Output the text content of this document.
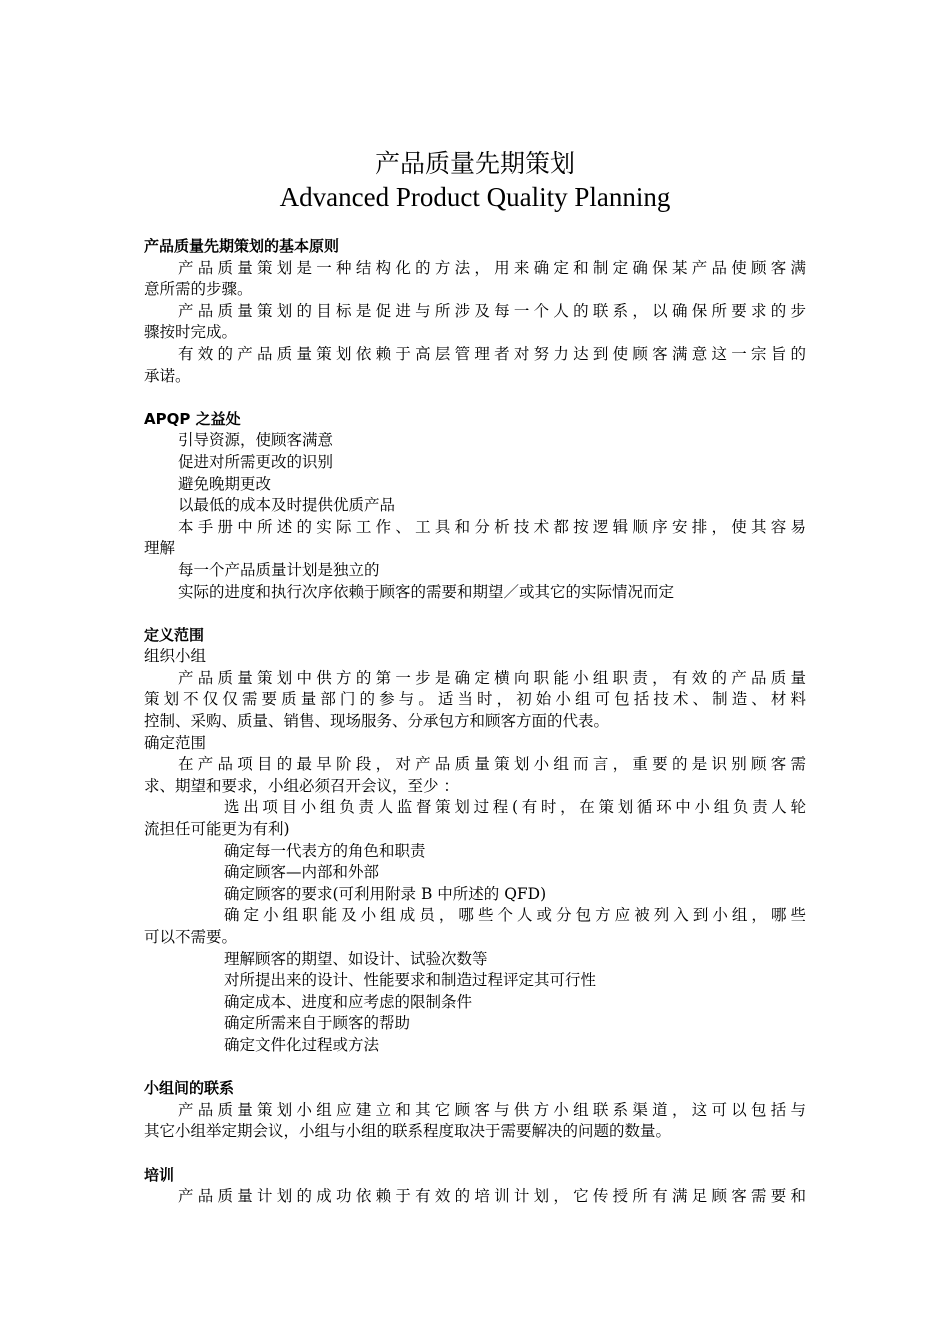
产品质量先期策划
Advanced Product Quality Planning
产品质量先期策划的基本原则
产品质量策划是一种结构化的方法，用来确定和制定确保某产品使顾客满
意所需的步骤。
产品质量策划的目标是促进与所涉及每一个人的联系，以确保所要求的步
骤按时完成。
有效的产品质量策划依赖于高层管理者对努力达到使顾客满意这一宗旨的
承诺。
APQP 之益处
引导资源，使顾客满意
促进对所需更改的识别
避免晚期更改
以最低的成本及时提供优质产品
本手册中所述的实际工作、工具和分析技术都按逻辑顺序安排，使其容易
理解
每一个产品质量计划是独立的
实际的进度和执行次序依赖于顾客的需要和期望／或其它的实际情况而定
定义范围
组织小组
产品质量策划中供方的第一步是确定横向职能小组职责，有效的产品质量
策划不仅仅需要质量部门的参与。适当时，初始小组可包括技术、制造、材料
控制、采购、质量、销售、现场服务、分承包方和顾客方面的代表。
确定范围
在产品项目的最早阶段，对产品质量策划小组而言，重要的是识别顾客需
求、期望和要求，小组必须召开会议，至少 ：
选出项目小组负责人监督策划过程(有时，在策划循环中小组负责人轮
流担任可能更为有利)
确定每一代表方的角色和职责
确定顾客—内部和外部
确定顾客的要求(可利用附录 B 中所述的 QFD)
确定小组职能及小组成员，哪些个人或分包方应被列入到小组，哪些
可以不需要。
理解顾客的期望、如设计、试验次数等
对所提出来的设计、性能要求和制造过程评定其可行性
确定成本、进度和应考虑的限制条件
确定所需来自于顾客的帮助
确定文件化过程或方法
小组间的联系
产品质量策划小组应建立和其它顾客与供方小组联系渠道，这可以包括与
其它小组举定期会议，小组与小组的联系程度取决于需要解决的问题的数量。
培训
产品质量计划的成功依赖于有效的培训计划，它传授所有满足顾客需要和
